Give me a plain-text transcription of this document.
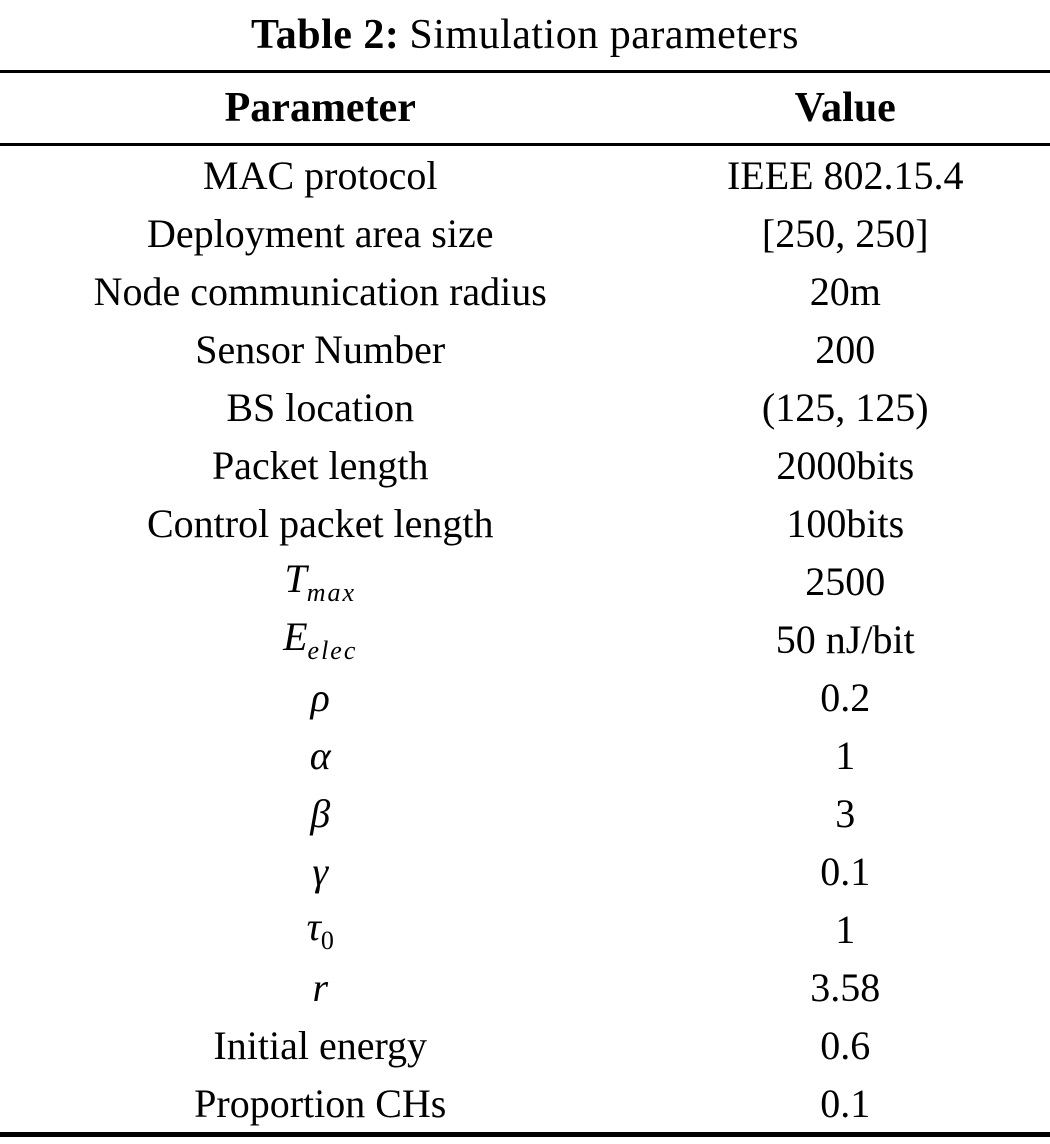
Table 2: Simulation parameters
Parameter	Value
MAC protocol	IEEE 802.15.4
Deployment area size	[250, 250]
Node communication radius	20m
Sensor Number	200
BS location	(125, 125)
Packet length	2000bits
Control packet length	100bits
$T_{max}$	2500
$E_{elec}$	50 nJ/bit
ρ	0.2
α	1
β	3
γ	0.1
$\tau_0$	1
r	3.58
Initial energy	0.6
Proportion CHs	0.1
